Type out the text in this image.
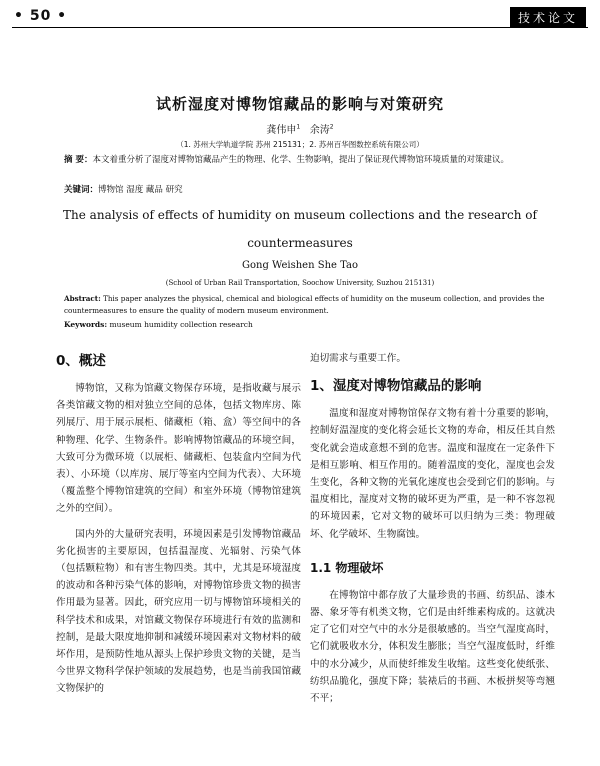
• 50 •	技术论文
试析湿度对博物馆藏品的影响与对策研究
龚伟申$^1$ 余涛$^2$
（1. 苏州大学轨道学院 苏州 215131；2. 苏州百华图数控系统有限公司）
摘 要：本文着重分析了湿度对博物馆藏品产生的物理、化学、生物影响，提出了保证现代博物馆环境质量的对策建议。
关键词：博物馆 湿度 藏品 研究
The analysis of effects of humidity on museum collections and the research of
countermeasures
Gong Weishen She Tao
(School of Urban Rail Transportation, Soochow University, Suzhou 215131)
Abstract: This paper analyzes the physical, chemical and biological effects of humidity on the museum collection, and provides the countermeasures to ensure the quality of modern museum environment.
Keywords: museum humidity collection research
0、概述

博物馆，又称为馆藏文物保存环境，是指收藏与展示各类馆藏文物的相对独立空间的总体，包括文物库房、陈列展厅、用于展示展柜、储藏柜（箱、盒）等空间中的各种物理、化学、生物条件。影响博物馆藏品的环境空间，大致可分为微环境（以展柜、储藏柜、包装盒内空间为代表）、小环境（以库房、展厅等室内空间为代表）、大环境（覆盖整个博物馆建筑的空间）和室外环境（博物馆建筑之外的空间）。

国内外的大量研究表明，环境因素是引发博物馆藏品劣化损害的主要原因，包括温湿度、光辐射、污染气体（包括颗粒物）和有害生物四类。其中，尤其是环境湿度的波动和各种污染气体的影响，对博物馆珍贵文物的损害作用最为显著。因此，研究应用一切与博物馆环境相关的科学技术和成果，对馆藏文物保存环境进行有效的监测和控制，是最大限度地抑制和减缓环境因素对文物材料的破坏作用，是预防性地从源头上保护珍贵文物的关键，是当今世界文物科学保护领域的发展趋势，也是当前我国馆藏文物保护的

迫切需求与重要工作。

1、湿度对博物馆藏品的影响

温度和湿度对博物馆保存文物有着十分重要的影响，控制好温湿度的变化将会延长文物的寿命，相反任其自然变化就会造成意想不到的危害。温度和湿度在一定条件下是相互影响、相互作用的。随着温度的变化，湿度也会发生变化，各种文物的光氧化速度也会受到它们的影响。与温度相比，湿度对文物的破坏更为严重，是一种不容忽视的环境因素，它对文物的破坏可以归纳为三类：物理破坏、化学破坏、生物腐蚀。

1.1 物理破坏

在博物馆中都存放了大量珍贵的书画、纺织品、漆木器、象牙等有机类文物，它们是由纤维素构成的。这就决定了它们对空气中的水分是很敏感的。当空气湿度高时，它们就吸收水分，体积发生膨胀；当空气湿度低时，纤维中的水分减少，从而使纤维发生收缩。这些变化使纸张、纺织品脆化，强度下降；装裱后的书画、木板拼契等弯翘不平；
